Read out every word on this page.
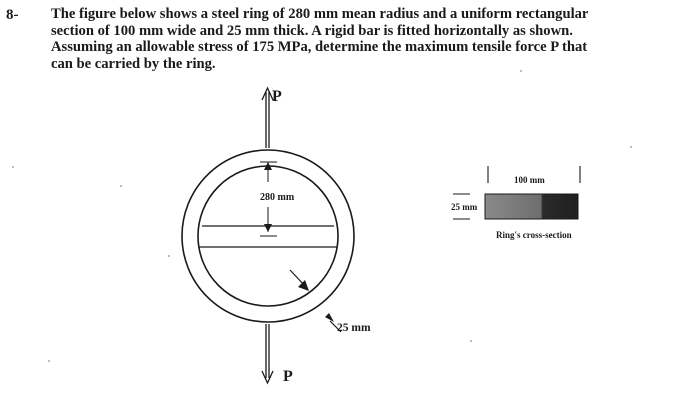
8- The figure below shows a steel ring of 280 mm mean radius and a uniform rectangular section of 100 mm wide and 25 mm thick. A rigid bar is fitted horizontally as shown. Assuming an allowable stress of 175 MPa, determine the maximum tensile force P that can be carried by the ring.

P
280 mm
25 mm
P
100 mm
25 mm
Ring's cross-section
